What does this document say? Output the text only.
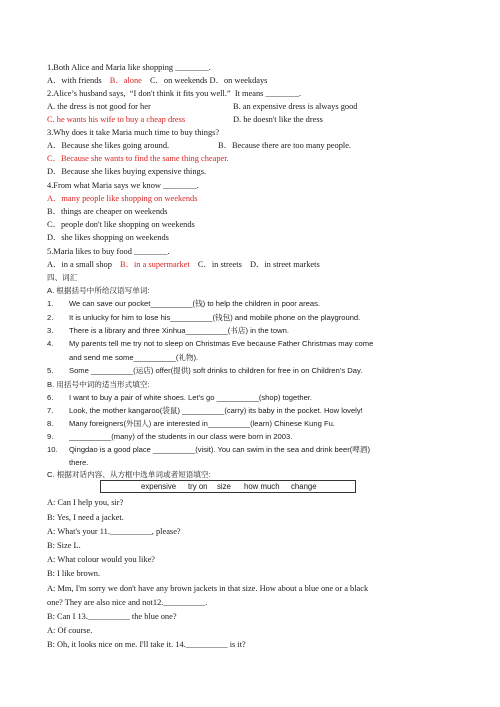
1.Both Alice and Maria like shopping ________.
A．with friends B．alone C．on weekends D．on weekdays
2.Alice’s husband says,  “I don't think it fits you well.”  It means ________.
A. the dress is not good for her	B. an expensive dress is always good
C. he wants his wife to buy a cheap dress	D. he doesn't like the dress
3.Why does it take Maria much time to buy things?
A．Because she likes going around.	B．Because there are too many people.
C．Because she wants to find the same thing cheaper.
D．Because she likes buying expensive things.
4.From what Maria says we know ________.
A．many people like shopping on weekends
B．things are cheaper on weekends
C．people don't like shopping on weekends
D．she likes shopping on weekends
5.Maria likes to buy food ________.
A．in a small shop B．in a supermarket C．in streets D．in street markets
四、词汇
A. 根据括号中所给汉语写单词:
1. We can save our pocket__________(钱) to help the children in poor areas.
2. It is unlucky for him to lose his__________(钱包) and mobile phone on the playground.
3. There is a library and three Xinhua__________(书店) in the town.
4. My parents tell me try not to sleep on Christmas Eve because Father Christmas may come
and send me some__________(礼物).
5. Some __________(运店) offer(提供) soft drinks to children for free in on Children’s Day.
B. 用括号中词的适当形式填空:
6. I want to buy a pair of white shoes. Let’s go __________(shop) together.
7. Look, the mother kangaroo(袋鼠) __________(carry) its baby in the pocket. How lovely!
8. Many foreigners(外国人) are interested in__________(learn) Chinese Kung Fu.
9. __________(many) of the students in our class were born in 2003.
10. Qingdao is a good place __________(visit). You can swim in the sea and drink beer(啤酒)
there.
C. 根据对话内容、从方框中选单词或者短语填空:
expensive try on size how much change
A: Can I help you, sir?
B: Yes, I need a jacket.
A: What's your 11.__________, please?
B: Size L.
A: What colour would you like?
B: I like brown.
A: Mm, I'm sorry we don't have any brown jackets in that size. How about a blue one or a black
one? They are also nice and not12.__________.
B: Can I 13.__________ the blue one?
A: Of course.
B: Oh, it looks nice on me. I'll take it. 14.__________ is it?
